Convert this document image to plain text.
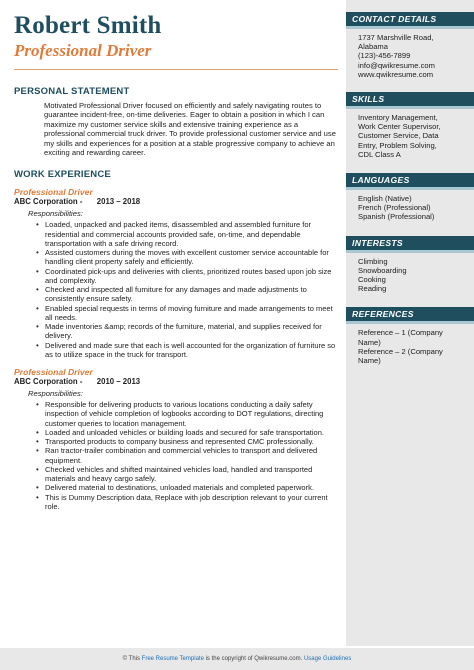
Robert Smith
Professional Driver
PERSONAL STATEMENT
Motivated Professional Driver focused on efficiently and safely navigating routes to guarantee incident-free, on-time deliveries. Eager to obtain a position in which I can maximize my customer service skills and extensive training experience as a professional commercial truck driver. To provide professional customer service and use my skills and experiences for a position at a stable progressive company to achieve an exciting and rewarding career.
WORK EXPERIENCE
Professional Driver
ABC Corporation - 2013 – 2018
Responsibilities:
• Loaded, unpacked and packed items, disassembled and assembled furniture for residential and commercial accounts provided safe, on-time, and dependable transportation with a safe driving record.
• Assisted customers during the moves with excellent customer service accountable for handling client property safely and efficiently.
• Coordinated pick-ups and deliveries with clients, prioritized routes based upon job size and complexity.
• Checked and inspected all furniture for any damages and made adjustments to consistently ensure safety.
• Enabled special requests in terms of moving furniture and made arrangements to meet all needs.
• Made inventories &amp; records of the furniture, material, and supplies received for delivery.
• Delivered and made sure that each is well accounted for the organization of furniture so as to utilize space in the truck for transport.
Professional Driver
ABC Corporation - 2010 – 2013
Responsibilities:
• Responsible for delivering products to various locations conducting a daily safety inspection of vehicle completion of logbooks according to DOT regulations, directing customer queries to location management.
• Loaded and unloaded vehicles or building loads and secured for safe transportation.
• Transported products to company business and represented CMC professionally.
• Ran tractor-trailer combination and commercial vehicles to transport and delivered equipment.
• Checked vehicles and shifted maintained vehicles load, handled and transported materials and heavy cargo safely.
• Delivered material to destinations, unloaded materials and completed paperwork.
• This is Dummy Description data, Replace with job description relevant to your current role.
CONTACT DETAILS
1737 Marshville Road,
Alabama
(123)-456-7899
info@qwikresume.com
www.qwikresume.com
SKILLS
Inventory Management,
Work Center Supervisor,
Customer Service, Data
Entry, Problem Solving,
CDL Class A
LANGUAGES
English (Native)
French (Professional)
Spanish (Professional)
INTERESTS
Climbing
Snowboarding
Cooking
Reading
REFERENCES
Reference – 1 (Company
Name)
Reference – 2 (Company
Name)
© This Free Resume Template is the copyright of Qwikresume.com. Usage Guidelines
